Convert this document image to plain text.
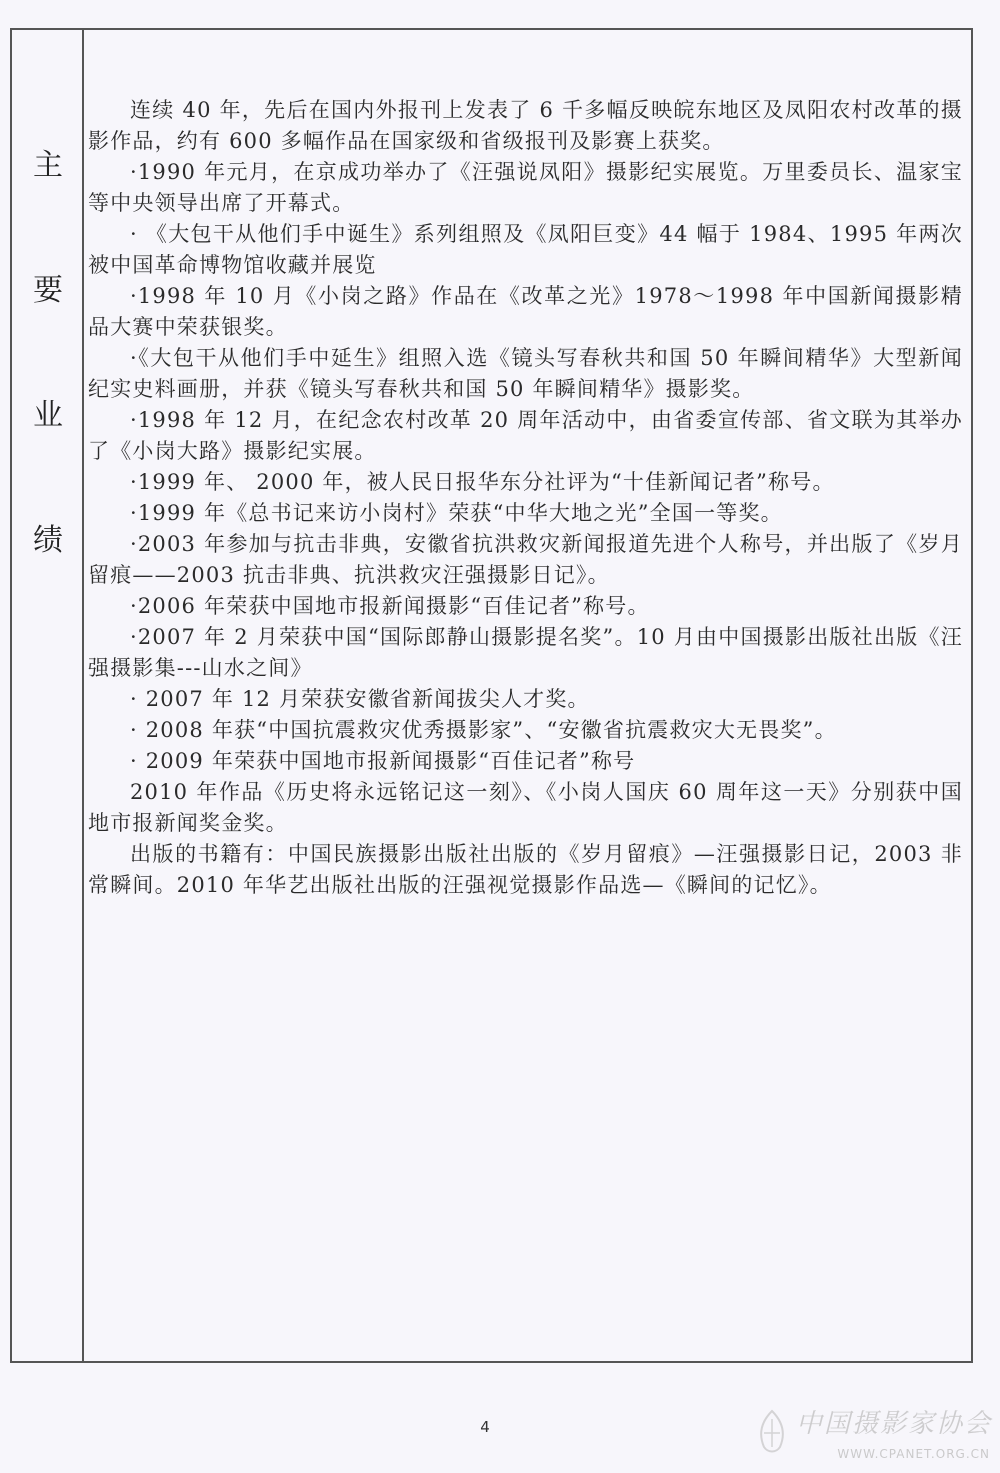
主
要
业
绩

连续 40 年，先后在国内外报刊上发表了 6 千多幅反映皖东地区及凤阳农村改革的摄影作品，约有 600 多幅作品在国家级和省级报刊及影赛上获奖。

·1990 年元月，在京成功举办了《汪强说凤阳》摄影纪实展览。万里委员长、温家宝等中央领导出席了开幕式。

· 《大包干从他们手中诞生》系列组照及《凤阳巨变》44 幅于 1984、1995 年两次被中国革命博物馆收藏并展览

·1998 年 10 月《小岗之路》作品在《改革之光》1978～1998 年中国新闻摄影精品大赛中荣获银奖。

·《大包干从他们手中延生》组照入选《镜头写春秋共和国 50 年瞬间精华》大型新闻纪实史料画册，并获《镜头写春秋共和国 50 年瞬间精华》摄影奖。

·1998 年 12 月，在纪念农村改革 20 周年活动中，由省委宣传部、省文联为其举办了《小岗大路》摄影纪实展。

·1999 年、 2000 年，被人民日报华东分社评为“十佳新闻记者”称号。

·1999 年《总书记来访小岗村》荣获“中华大地之光”全国一等奖。

·2003 年参加与抗击非典，安徽省抗洪救灾新闻报道先进个人称号，并出版了《岁月留痕——2003 抗击非典、抗洪救灾汪强摄影日记》。

·2006 年荣获中国地市报新闻摄影“百佳记者”称号。

·2007 年 2 月荣获中国“国际郎静山摄影提名奖”。10 月由中国摄影出版社出版《汪强摄影集---山水之间》

· 2007 年 12 月荣获安徽省新闻拔尖人才奖。

· 2008 年获“中国抗震救灾优秀摄影家”、“安徽省抗震救灾大无畏奖”。

· 2009 年荣获中国地市报新闻摄影“百佳记者”称号

2010 年作品《历史将永远铭记这一刻》、《小岗人国庆 60 周年这一天》分别获中国地市报新闻奖金奖。

出版的书籍有：中国民族摄影出版社出版的《岁月留痕》—汪强摄影日记，2003 非常瞬间。2010 年华艺出版社出版的汪强视觉摄影作品选—《瞬间的记忆》。

4	中国摄影家协会
WWW.CPANET.ORG.CN
